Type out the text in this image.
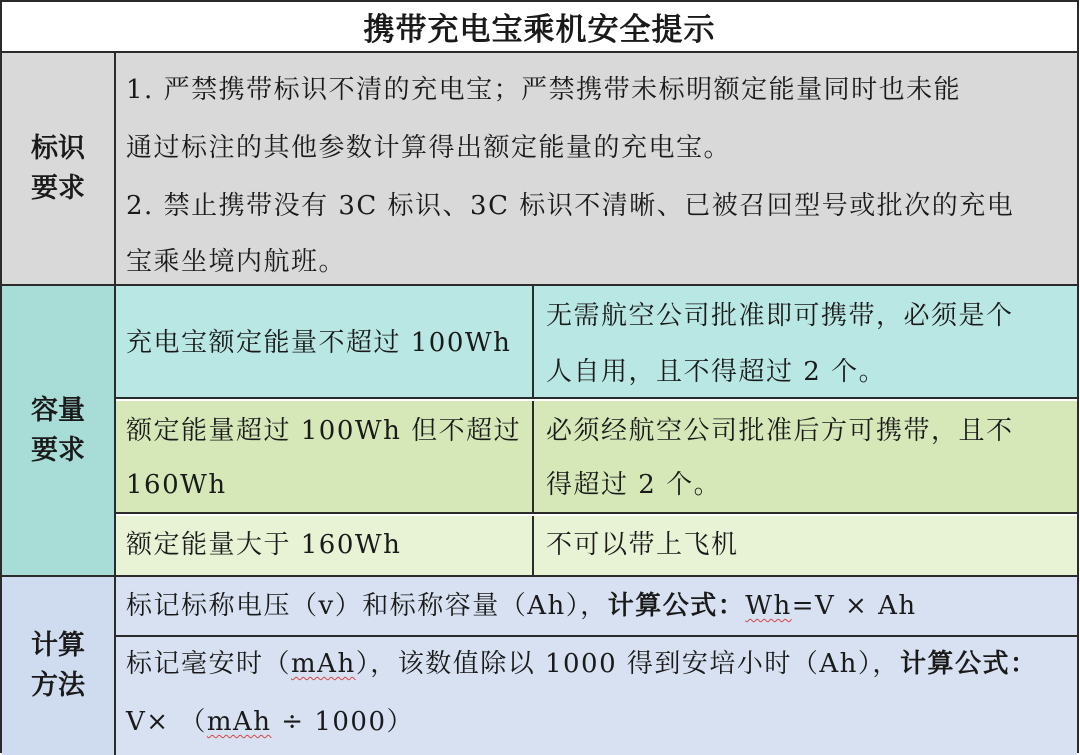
携带充电宝乘机安全提示
标识
要求
1. 严禁携带标识不清的充电宝；严禁携带未标明额定能量同时也未能
通过标注的其他参数计算得出额定能量的充电宝。
2. 禁止携带没有 3C 标识、3C 标识不清晰、已被召回型号或批次的充电
宝乘坐境内航班。
容量
要求
充电宝额定能量不超过 100Wh
无需航空公司批准即可携带，必须是个
人自用，且不得超过 2 个。
额定能量超过 100Wh 但不超过
160Wh
必须经航空公司批准后方可携带，且不
得超过 2 个。
额定能量大于 160Wh	不可以带上飞机
计算
方法
标记标称电压（v）和标称容量（Ah），计算公式：Wh=V × Ah
标记毫安时（mAh），该数值除以 1000 得到安培小时（Ah），计算公式：
V× （mAh ÷ 1000）
